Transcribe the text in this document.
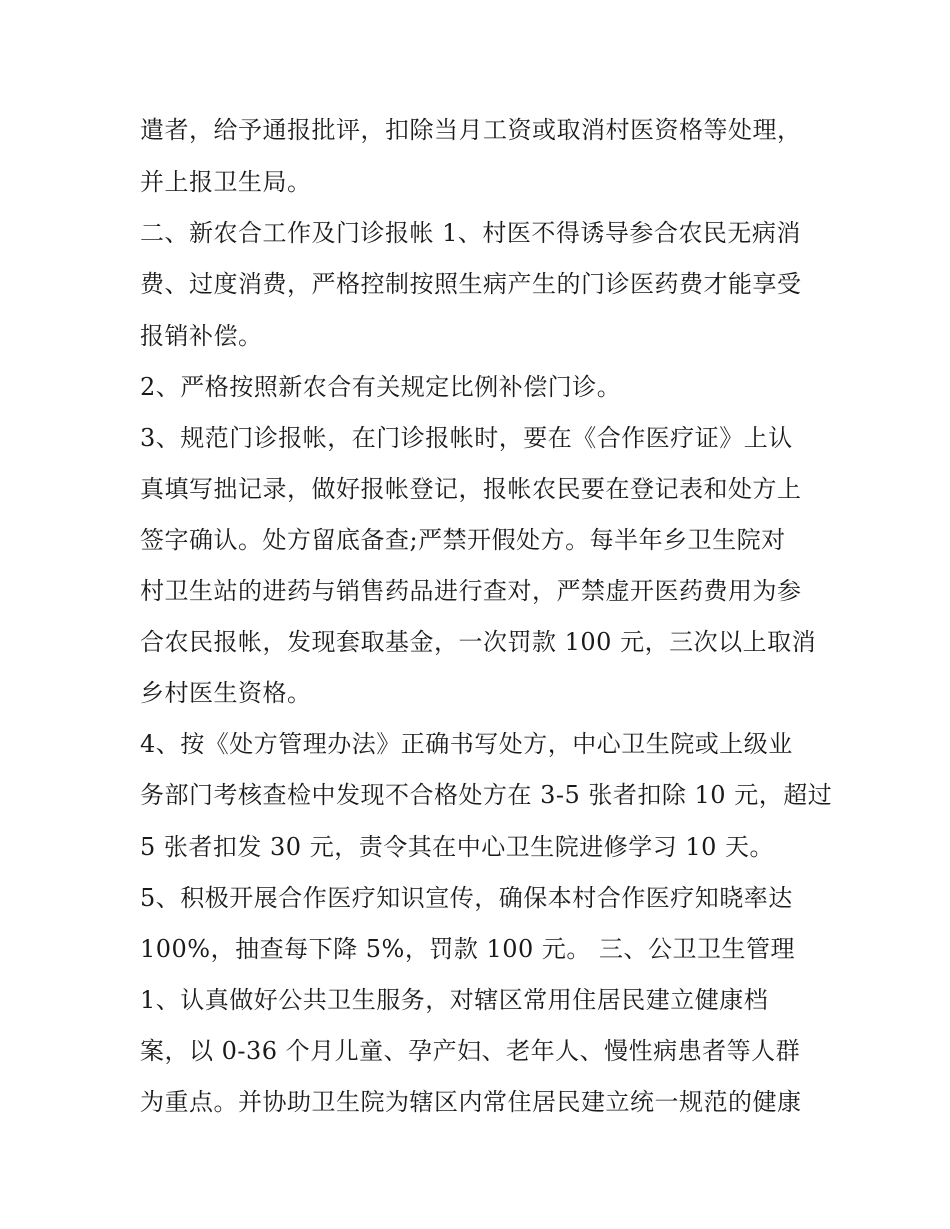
遣者，给予通报批评，扣除当月工资或取消村医资格等处理，
并上报卫生局。
二、新农合工作及门诊报帐 1、村医不得诱导参合农民无病消
费、过度消费，严格控制按照生病产生的门诊医药费才能享受
报销补偿。
2、严格按照新农合有关规定比例补偿门诊。
3、规范门诊报帐，在门诊报帐时，要在《合作医疗证》上认
真填写拙记录，做好报帐登记，报帐农民要在登记表和处方上
签字确认。处方留底备查;严禁开假处方。每半年乡卫生院对
村卫生站的进药与销售药品进行查对，严禁虚开医药费用为参
合农民报帐，发现套取基金，一次罚款 100 元，三次以上取消
乡村医生资格。
4、按《处方管理办法》正确书写处方，中心卫生院或上级业
务部门考核查检中发现不合格处方在 3-5 张者扣除 10 元，超过
5 张者扣发 30 元，责令其在中心卫生院进修学习 10 天。
5、积极开展合作医疗知识宣传，确保本村合作医疗知晓率达
100%，抽查每下降 5%，罚款 100 元。 三、公卫卫生管理
1、认真做好公共卫生服务，对辖区常用住居民建立健康档
案，以 0-36 个月儿童、孕产妇、老年人、慢性病患者等人群
为重点。并协助卫生院为辖区内常住居民建立统一规范的健康
